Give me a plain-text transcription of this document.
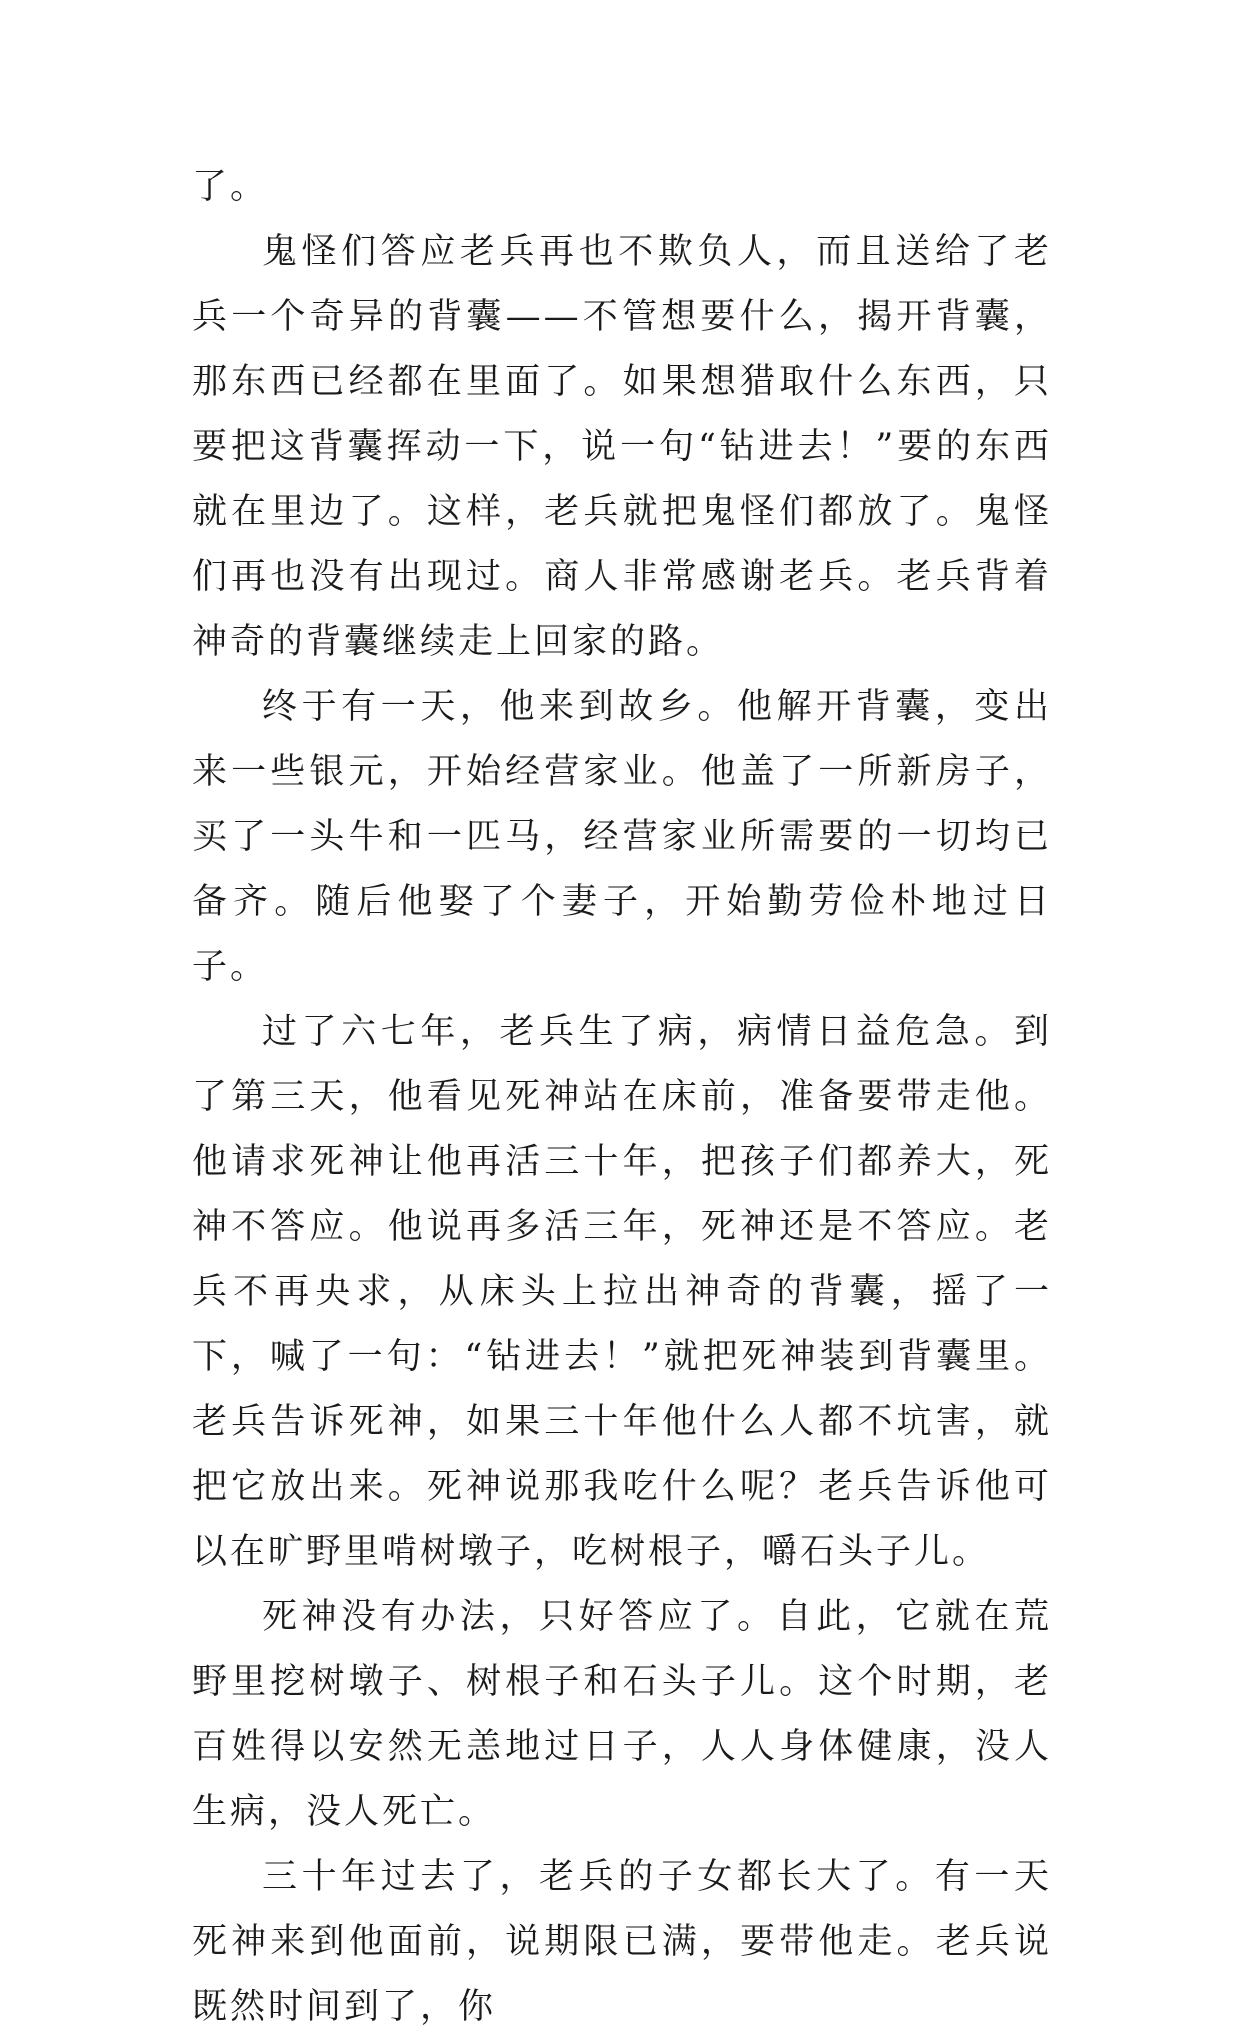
了。

鬼怪们答应老兵再也不欺负人，而且送给了老兵一个奇异的背囊——不管想要什么，揭开背囊，那东西已经都在里面了。如果想猎取什么东西，只要把这背囊挥动一下，说一句“钻进去！”要的东西就在里边了。这样，老兵就把鬼怪们都放了。鬼怪们再也没有出现过。商人非常感谢老兵。老兵背着神奇的背囊继续走上回家的路。

终于有一天，他来到故乡。他解开背囊，变出来一些银元，开始经营家业。他盖了一所新房子，买了一头牛和一匹马，经营家业所需要的一切均已备齐。随后他娶了个妻子，开始勤劳俭朴地过日子。

过了六七年，老兵生了病，病情日益危急。到了第三天，他看见死神站在床前，准备要带走他。他请求死神让他再活三十年，把孩子们都养大，死神不答应。他说再多活三年，死神还是不答应。老兵不再央求，从床头上拉出神奇的背囊，摇了一下，喊了一句：“钻进去！”就把死神装到背囊里。老兵告诉死神，如果三十年他什么人都不坑害，就把它放出来。死神说那我吃什么呢？老兵告诉他可以在旷野里啃树墩子，吃树根子，嚼石头子儿。

死神没有办法，只好答应了。自此，它就在荒野里挖树墩子、树根子和石头子儿。这个时期，老百姓得以安然无恙地过日子，人人身体健康，没人生病，没人死亡。

三十年过去了，老兵的子女都长大了。有一天死神来到他面前，说期限已满，要带他走。老兵说既然时间到了，你
